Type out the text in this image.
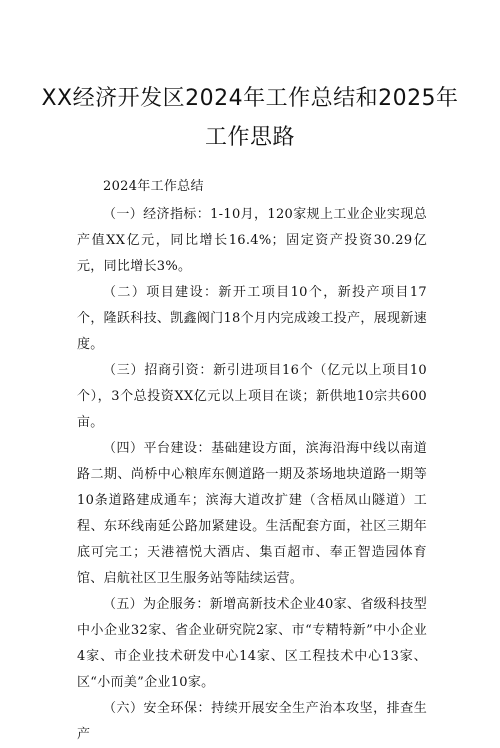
XX经济开发区2024年工作总结和2025年
工作思路

2024年工作总结

（一）经济指标：1-10月，120家规上工业企业实现总产值XX亿元，同比增长16.4%；固定资产投资30.29亿元，同比增长3%。

（二）项目建设：新开工项目10个，新投产项目17个，隆跃科技、凯鑫阀门18个月内完成竣工投产，展现新速度。

（三）招商引资：新引进项目16个（亿元以上项目10个），3个总投资XX亿元以上项目在谈；新供地10宗共600亩。

（四）平台建设：基础建设方面，滨海沿海中线以南道路二期、尚桥中心粮库东侧道路一期及茶场地块道路一期等10条道路建成通车；滨海大道改扩建（含梧凤山隧道）工程、东环线南延公路加紧建设。生活配套方面，社区三期年底可完工；天港禧悦大酒店、集百超市、奉正智造园体育馆、启航社区卫生服务站等陆续运营。

（五）为企服务：新增高新技术企业40家、省级科技型中小企业32家、省企业研究院2家、市“专精特新”中小企业4家、市企业技术研发中心14家、区工程技术中心13家、区“小而美”企业10家。

（六）安全环保：持续开展安全生产治本攻坚，排查生产
